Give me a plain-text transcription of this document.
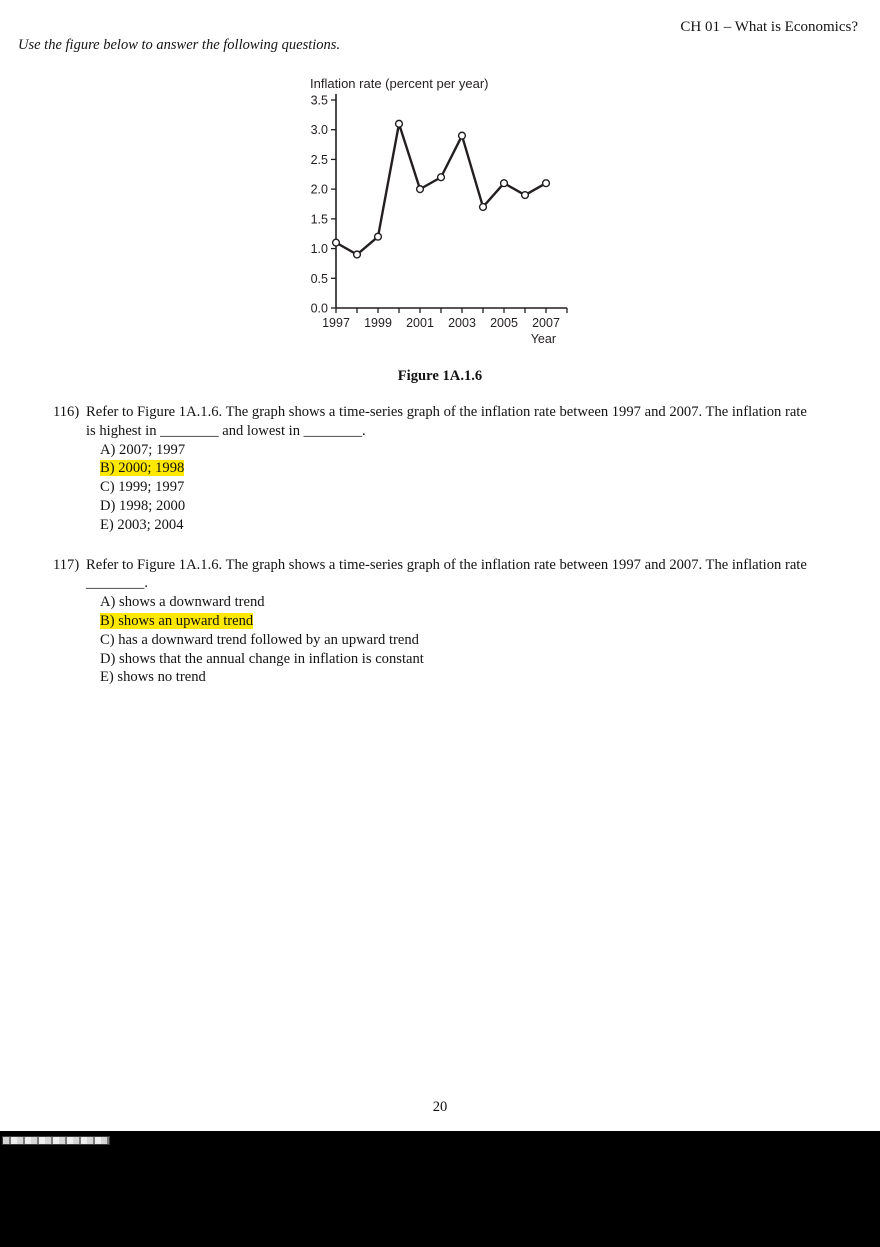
CH 01 – What is Economics?
Use the figure below to answer the following questions.
Inflation rate (percent per year)
0.0
0.5
1.0
1.5
2.0
2.5
3.0
3.5
1997 1999 2001 2003 2005 2007
Year
Figure 1A.1.6
116) Refer to Figure 1A.1.6. The graph shows a time-series graph of the inflation rate between 1997 and 2007. The inflation rate
is highest in ________ and lowest in ________.
A) 2007; 1997
B) 2000; 1998
C) 1999; 1997
D) 1998; 2000
E) 2003; 2004
117) Refer to Figure 1A.1.6. The graph shows a time-series graph of the inflation rate between 1997 and 2007. The inflation rate
________.
A) shows a downward trend
B) shows an upward trend
C) has a downward trend followed by an upward trend
D) shows that the annual change in inflation is constant
E) shows no trend
20
